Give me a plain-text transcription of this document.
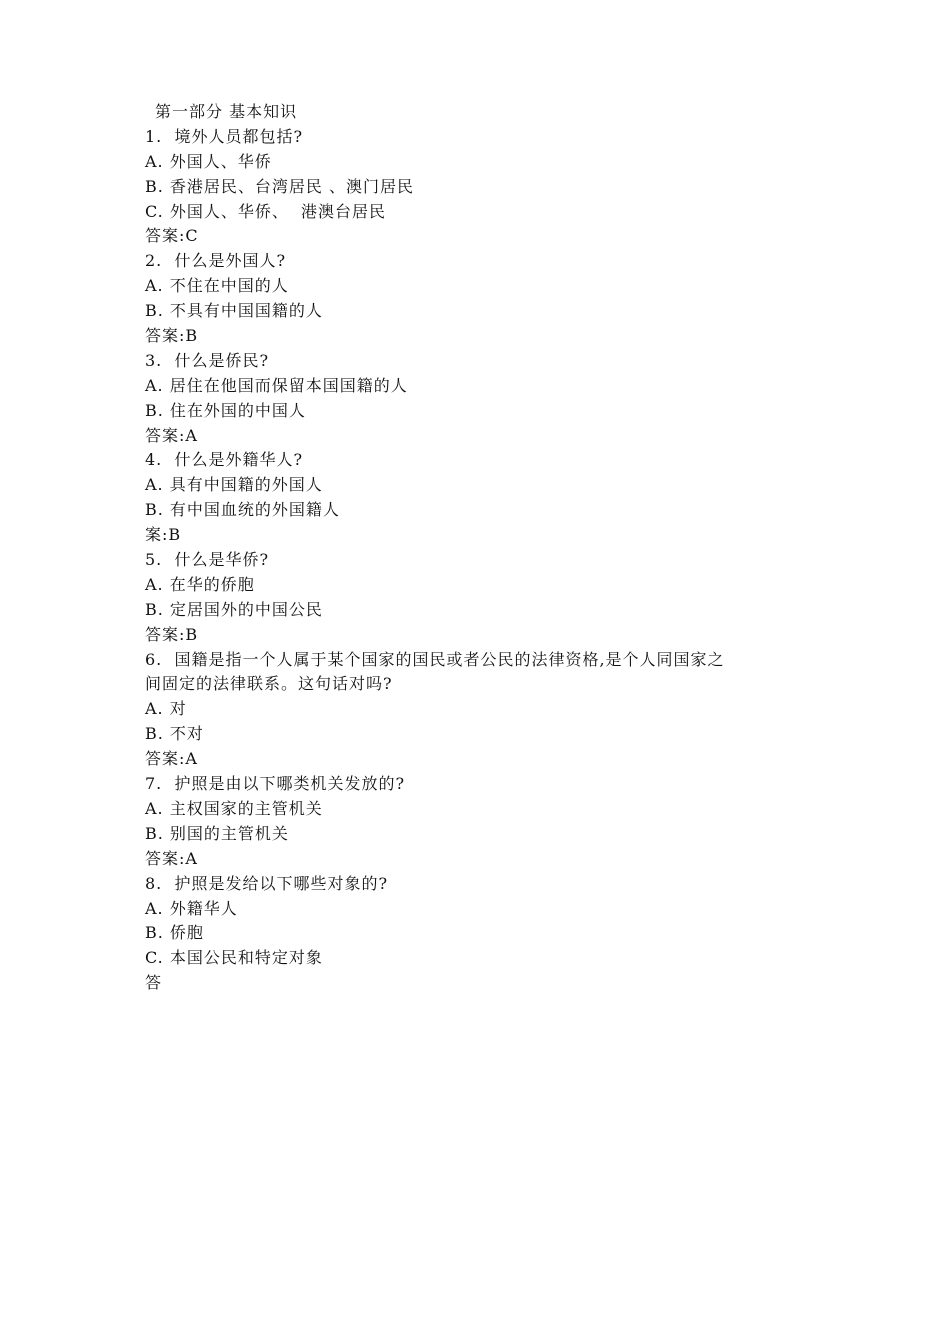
第一部分 基本知识
1.  境外人员都包括?
A. 外国人、华侨
B. 香港居民、台湾居民 、澳门居民
C. 外国人、华侨、  港澳台居民
答案:C
2.  什么是外国人?
A. 不住在中国的人
B. 不具有中国国籍的人
答案:B
3.  什么是侨民?
A. 居住在他国而保留本国国籍的人
B. 住在外国的中国人
答案:A
4.  什么是外籍华人?
A. 具有中国籍的外国人
B. 有中国血统的外国籍人
案:B
5.  什么是华侨?
A. 在华的侨胞
B. 定居国外的中国公民
答案:B
6.  国籍是指一个人属于某个国家的国民或者公民的法律资格,是个人同国家之
间固定的法律联系。这句话对吗?
A. 对
B. 不对
答案:A
7.  护照是由以下哪类机关发放的?
A. 主权国家的主管机关
B. 别国的主管机关
答案:A
8.  护照是发给以下哪些对象的?
A. 外籍华人
B. 侨胞
C. 本国公民和特定对象
答
